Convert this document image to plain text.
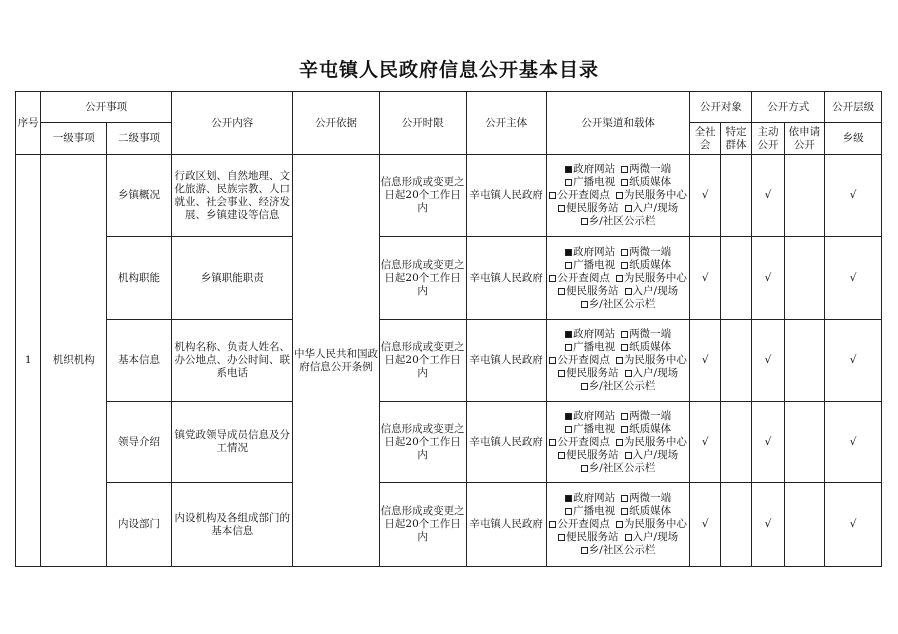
辛屯镇人民政府信息公开基本目录
序号	公开事项		公开内容	公开依据	公开时限	公开主体	公开渠道和载体	公开对象		公开方式		公开层级
	一级事项	二级事项						全社会	特定群体	主动公开	依申请公开	乡级
1	机织机构	乡镇概况	行政区划、自然地理、文化旅游、民族宗教、人口就业、社会事业、经济发展、乡镇建设等信息	中华人民共和国政府信息公开条例	信息形成或变更之日起20个工作日内	辛屯镇人民政府	政府网站 两微一端
广播电视 纸质媒体
公开查阅点 为民服务中心
便民服务站 入户/现场
乡/社区公示栏	√		√		√
		机构职能	乡镇职能职责		信息形成或变更之日起20个工作日内	辛屯镇人民政府	政府网站 两微一端
广播电视 纸质媒体
公开查阅点 为民服务中心
便民服务站 入户/现场
乡/社区公示栏	√		√		√
		基本信息	机构名称、负责人姓名、办公地点、办公时间、联系电话		信息形成或变更之日起20个工作日内	辛屯镇人民政府	政府网站 两微一端
广播电视 纸质媒体
公开查阅点 为民服务中心
便民服务站 入户/现场
乡/社区公示栏	√		√		√
		领导介绍	镇党政领导成员信息及分工情况		信息形成或变更之日起20个工作日内	辛屯镇人民政府	政府网站 两微一端
广播电视 纸质媒体
公开查阅点 为民服务中心
便民服务站 入户/现场
乡/社区公示栏	√		√		√
		内设部门	内设机构及各组成部门的基本信息		信息形成或变更之日起20个工作日内	辛屯镇人民政府	政府网站 两微一端
广播电视 纸质媒体
公开查阅点 为民服务中心
便民服务站 入户/现场
乡/社区公示栏	√		√		√
